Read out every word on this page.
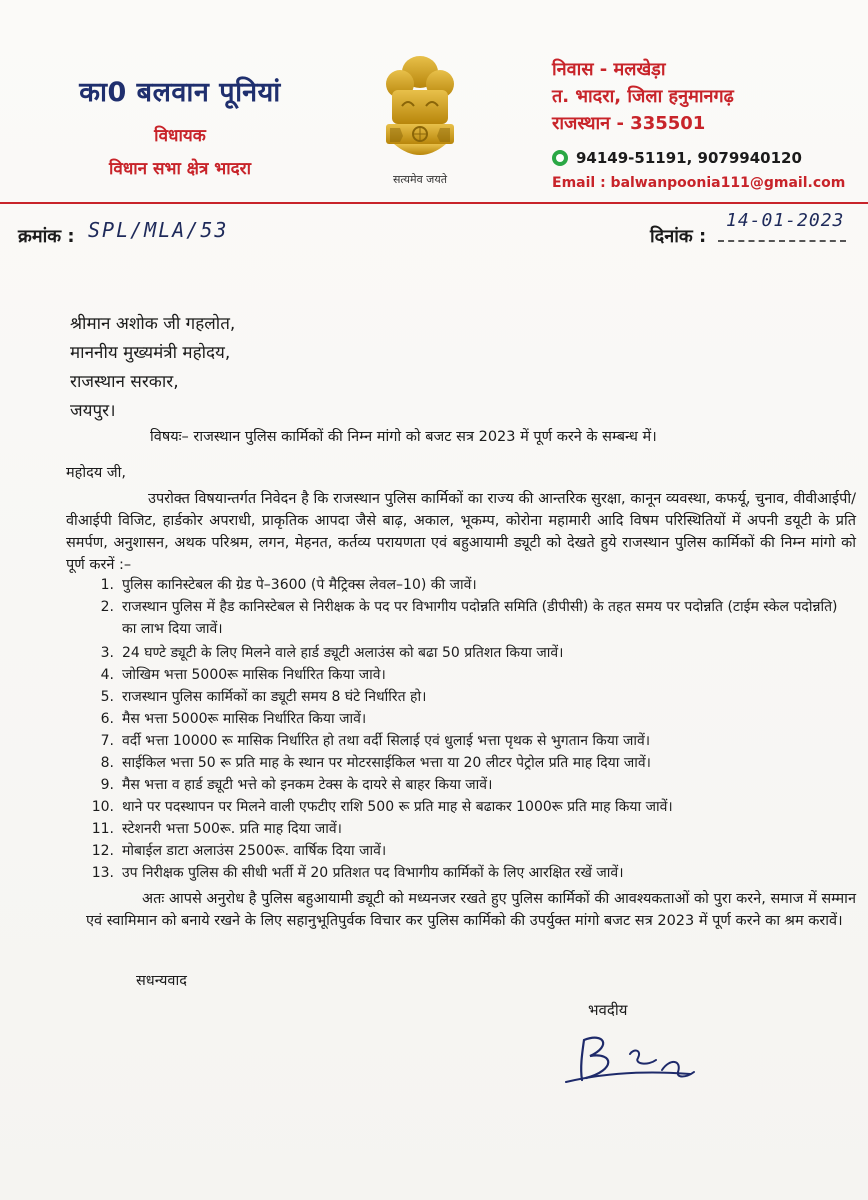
का0 बलवान पूनियां
विधायक
विधान सभा क्षेत्र भादरा
सत्यमेव जयते
निवास - मलखेड़ा
त. भादरा, जिला हनुमानगढ़
राजस्थान - 335501
94149-51191, 9079940120
Email : balwanpoonia111@gmail.com
क्रमांक : SPL/MLA/53	दिनांक :
14-01-2023
श्रीमान अशोक जी गहलोत,
माननीय मुख्यमंत्री महोदय,
राजस्थान सरकार,
जयपुर।
विषयः– राजस्थान पुलिस कार्मिकों की निम्न मांगो को बजट सत्र 2023 में पूर्ण करने के सम्बन्ध में।
महोदय जी,
उपरोक्त विषयान्तर्गत निवेदन है कि राजस्थान पुलिस कार्मिकों का राज्य की आन्तरिक सुरक्षा, कानून व्यवस्था, कफर्यू, चुनाव, वीवीआईपी/वीआईपी विजिट, हार्डकोर अपराधी, प्राकृतिक आपदा जैसे बाढ़, अकाल, भूकम्प, कोरोना महामारी आदि विषम परिस्थितियों में अपनी डयूटी के प्रति समर्पण, अनुशासन, अथक परिश्रम, लगन, मेहनत, कर्तव्य परायणता एवं बहुआयामी ड्यूटी को देखते हुये राजस्थान पुलिस कार्मिकों की निम्न मांगो को पूर्ण करनें :–
1. पुलिस कानिस्टेबल की ग्रेड पे–3600 (पे मैट्रिक्स लेवल–10) की जावें।
2. राजस्थान पुलिस में हैड कानिस्टेबल से निरीक्षक के पद पर विभागीय पदोन्नति समिति (डीपीसी) के तहत समय पर पदोन्नति (टाईम स्केल पदोन्नति) का लाभ दिया जावें।
3. 24 घण्टे ड्यूटी के लिए मिलने वाले हार्ड ड्यूटी अलाउंस को बढा 50 प्रतिशत किया जावें।
4. जोखिम भत्ता 5000रू मासिक निर्धारित किया जावे।
5. राजस्थान पुलिस कार्मिकों का ड्यूटी समय 8 घंटे निर्धारित हो।
6. मैस भत्ता 5000रू मासिक निर्धारित किया जावें।
7. वर्दी भत्ता 10000 रू मासिक निर्धारित हो तथा वर्दी सिलाई एवं धुलाई भत्ता पृथक से भुगतान किया जावें।
8. साईकिल भत्ता 50 रू प्रति माह के स्थान पर मोटरसाईकिल भत्ता या 20 लीटर पेट्रोल प्रति माह दिया जावें।
9. मैस भत्ता व हार्ड ड्यूटी भत्ते को इनकम टेक्स के दायरे से बाहर किया जावें।
10. थाने पर पदस्थापन पर मिलने वाली एफटीए राशि 500 रू प्रति माह से बढाकर 1000रू प्रति माह किया जावें।
11. स्टेशनरी भत्ता 500रू. प्रति माह दिया जावें।
12. मोबाईल डाटा अलाउंस 2500रू. वार्षिक दिया जावें।
13. उप निरीक्षक पुलिस की सीधी भर्ती में 20 प्रतिशत पद विभागीय कार्मिकों के लिए आरक्षित रखें जावें।
अतः आपसे अनुरोध है पुलिस बहुआयामी ड्यूटी को मध्यनजर रखते हुए पुलिस कार्मिकों की आवश्यकताओं को पुरा करने, समाज में सम्मान एवं स्वामिमान को बनाये रखने के लिए सहानुभूतिपुर्वक विचार कर पुलिस कार्मिको की उपर्युक्त मांगो बजट सत्र 2023 में पूर्ण करने का श्रम करावें।
सधन्यवाद
भवदीय
